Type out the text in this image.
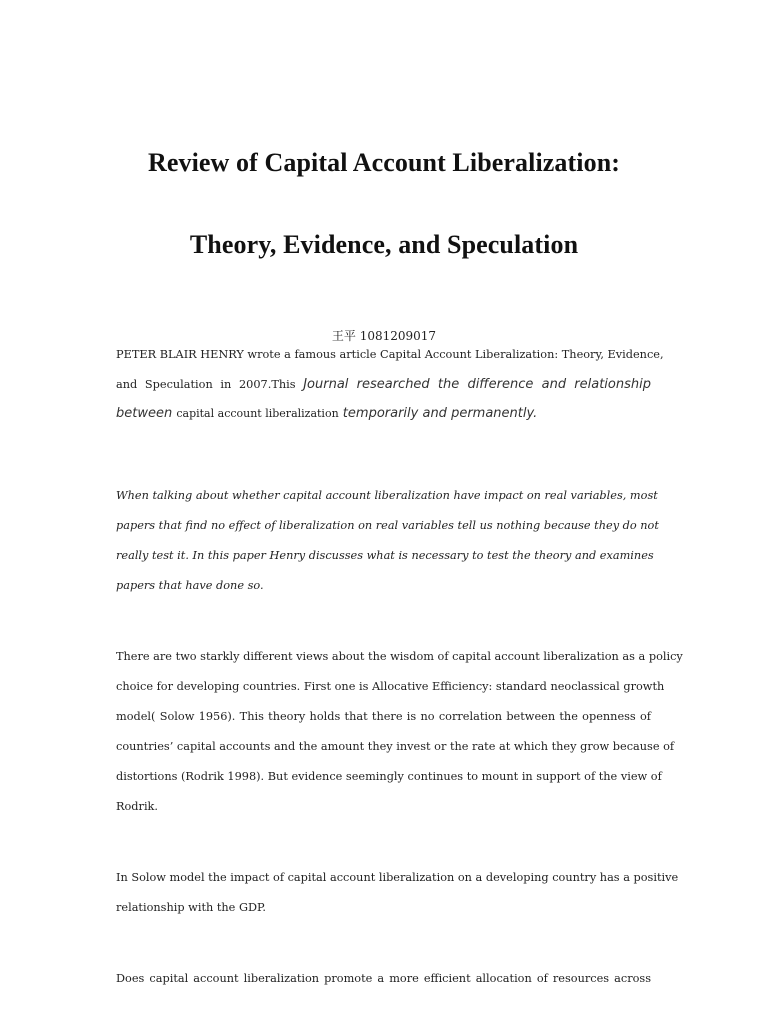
Review of Capital Account Liberalization:
Theory, Evidence, and Speculation
王平 1081209017
PETER BLAIR HENRY wrote a famous article Capital Account Liberalization: Theory, Evidence,
and Speculation in 2007.This Journal researched the difference and relationship
between capital account liberalization temporarily and permanently.
When talking about whether capital account liberalization have impact on real variables, most
papers that find no effect of liberalization on real variables tell us nothing because they do not
really test it. In this paper Henry discusses what is necessary to test the theory and examines
papers that have done so.
There are two starkly different views about the wisdom of capital account liberalization as a policy
choice for developing countries. First one is Allocative Efficiency: standard neoclassical growth
model( Solow 1956). This theory holds that there is no correlation between the openness of
countries’ capital accounts and the amount they invest or the rate at which they grow because of
distortions (Rodrik 1998). But evidence seemingly continues to mount in support of the view of
Rodrik.
In Solow model the impact of capital account liberalization on a developing country has a positive
relationship with the GDP.
Does capital account liberalization promote a more efficient allocation of resources across
